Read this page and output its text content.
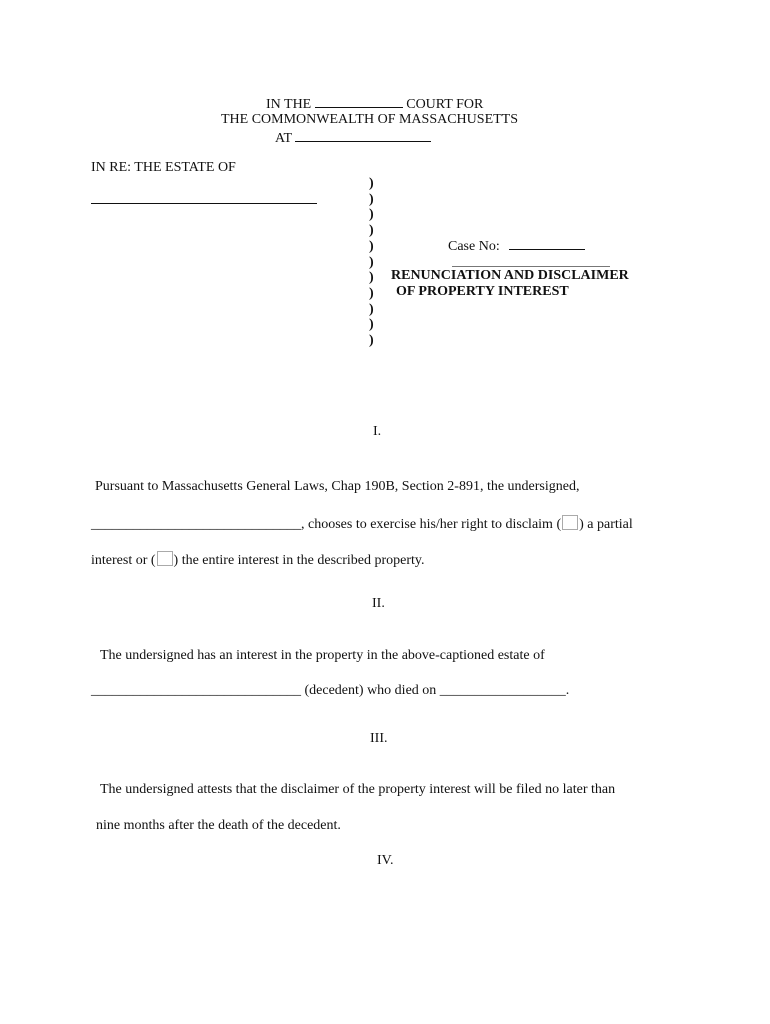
IN THE	COURT FOR
THE COMMONWEALTH OF MASSACHUSETTS
AT
IN RE: THE ESTATE OF
)
)
)
)
)
)
)
)
)
)
)
Case No:
RENUNCIATION AND DISCLAIMER
OF PROPERTY INTEREST
I.
Pursuant to Massachusetts General Laws, Chap 190B, Section 2-891, the undersigned,
______________________________, chooses to exercise his/her right to disclaim ( ) a partial
interest or ( ) the entire interest in the described property.
II.
The undersigned has an interest in the property in the above-captioned estate of
______________________________ (decedent) who died on __________________.
III.
The undersigned attests that the disclaimer of the property interest will be filed no later than
nine months after the death of the decedent.
IV.
